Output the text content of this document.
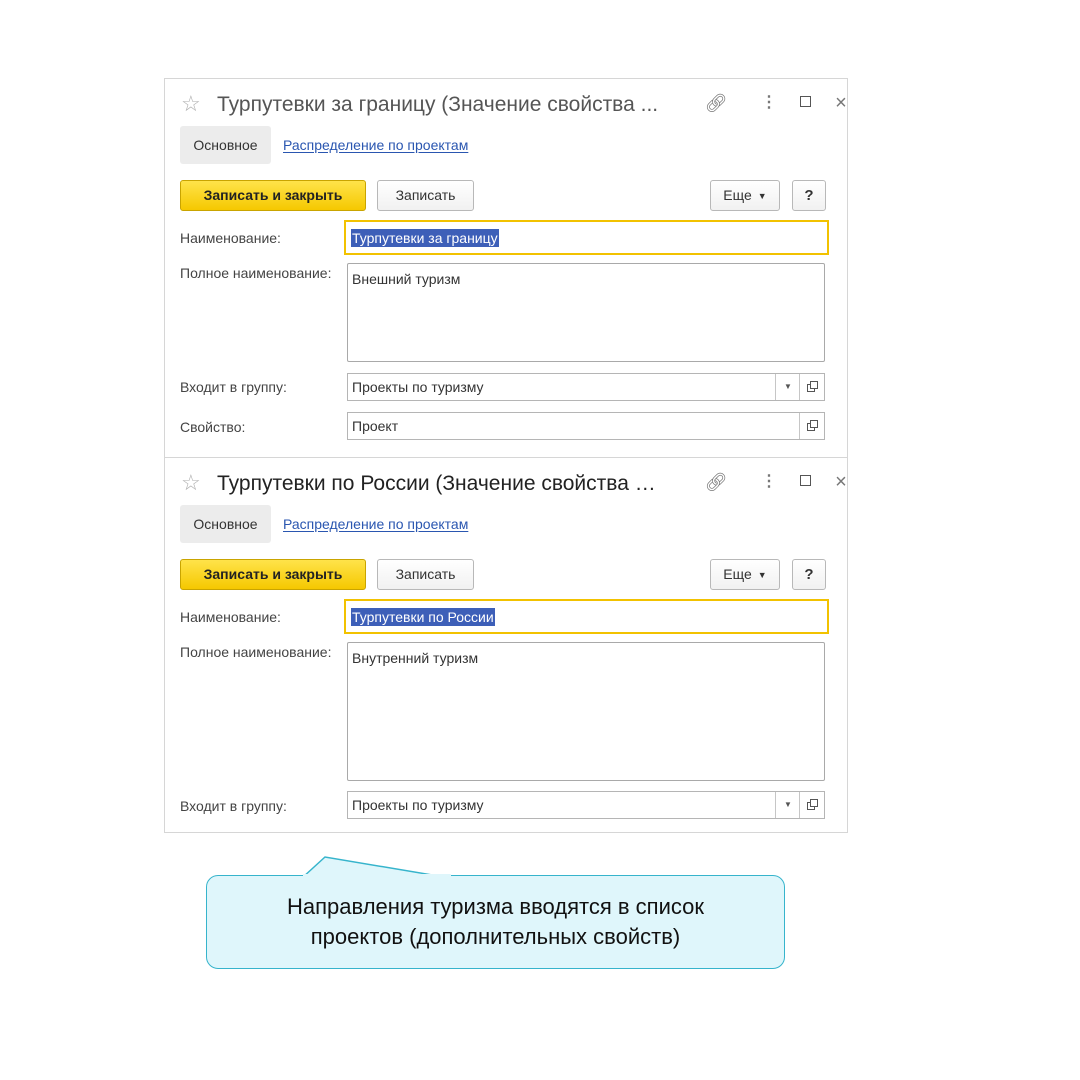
☆ Турпутевки за границу (Значение свойства ...	🔗︎	⋮	×
Основное	Распределение по проектам
Записать и закрыть	Записать	Еще ▼	?
Наименование:	Турпутевки за границу
Полное наименование:	Внешний туризм
Входит в группу:	Проекты по туризму	▼
Свойство:	Проект
☆ Турпутевки по России (Значение свойства П...	🔗︎	⋮	×
Основное	Распределение по проектам
Записать и закрыть	Записать	Еще ▼	?
Наименование:	Турпутевки по России
Полное наименование:	Внутренний туризм
Входит в группу:	Проекты по туризму	▼
Направления туризма вводятся в список
проектов (дополнительных свойств)
